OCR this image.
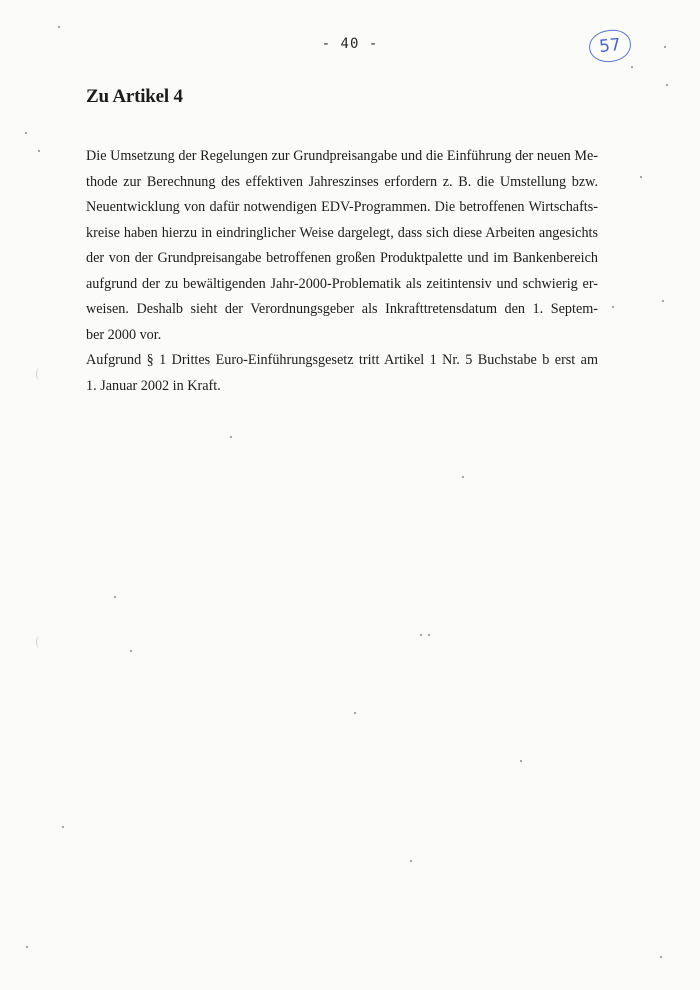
- 40 -	57
Zu Artikel 4

Die Umsetzung der Regelungen zur Grundpreisangabe und die Einführung der neuen Me-
thode zur Berechnung des effektiven Jahreszinses erfordern z. B. die Umstellung bzw.
Neuentwicklung von dafür notwendigen EDV-Programmen. Die betroffenen Wirtschafts-
kreise haben hierzu in eindringlicher Weise dargelegt, dass sich diese Arbeiten angesichts
der von der Grundpreisangabe betroffenen großen Produktpalette und im Bankenbereich
aufgrund der zu bewältigenden Jahr-2000-Problematik als zeitintensiv und schwierig er-
weisen. Deshalb sieht der Verordnungsgeber als Inkrafttretensdatum den 1. Septem-
ber 2000 vor.
Aufgrund § 1 Drittes Euro-Einführungsgesetz tritt Artikel 1 Nr. 5 Buchstabe b erst am
1. Januar 2002 in Kraft.
